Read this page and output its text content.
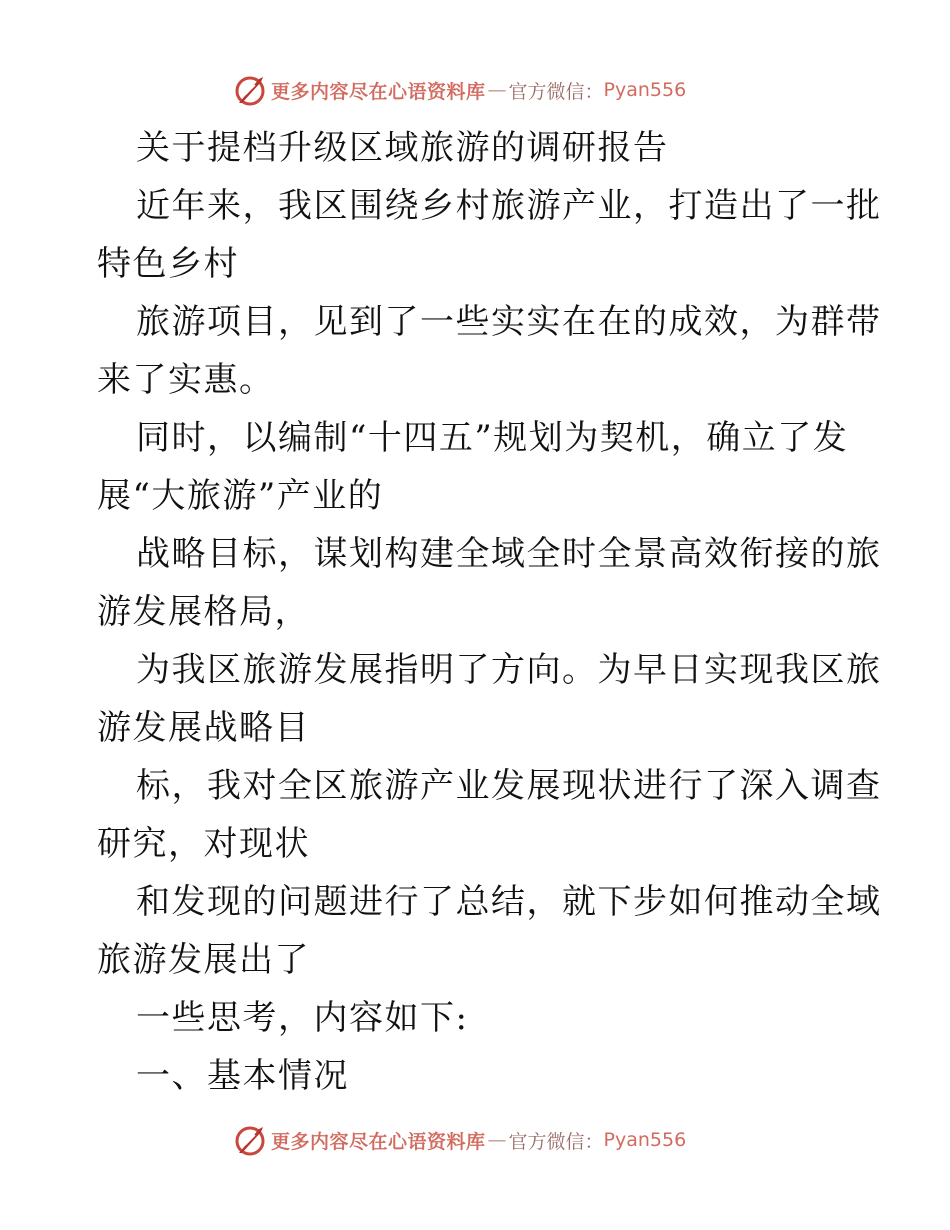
更多内容尽在心语资料库 — 官方微信： Pyan556
关于提档升级区域旅游的调研报告
近年来，我区围绕乡村旅游产业，打造出了一批
特色乡村
旅游项目，见到了一些实实在在的成效，为群带
来了实惠。
同时，以编制“十四五”规划为契机，确立了发
展“大旅游”产业的
战略目标，谋划构建全域全时全景高效衔接的旅
游发展格局，
为我区旅游发展指明了方向。为早日实现我区旅
游发展战略目
标，我对全区旅游产业发展现状进行了深入调查
研究，对现状
和发现的问题进行了总结，就下步如何推动全域
旅游发展出了
一些思考，内容如下:
一、基本情况
更多内容尽在心语资料库 — 官方微信： Pyan556
